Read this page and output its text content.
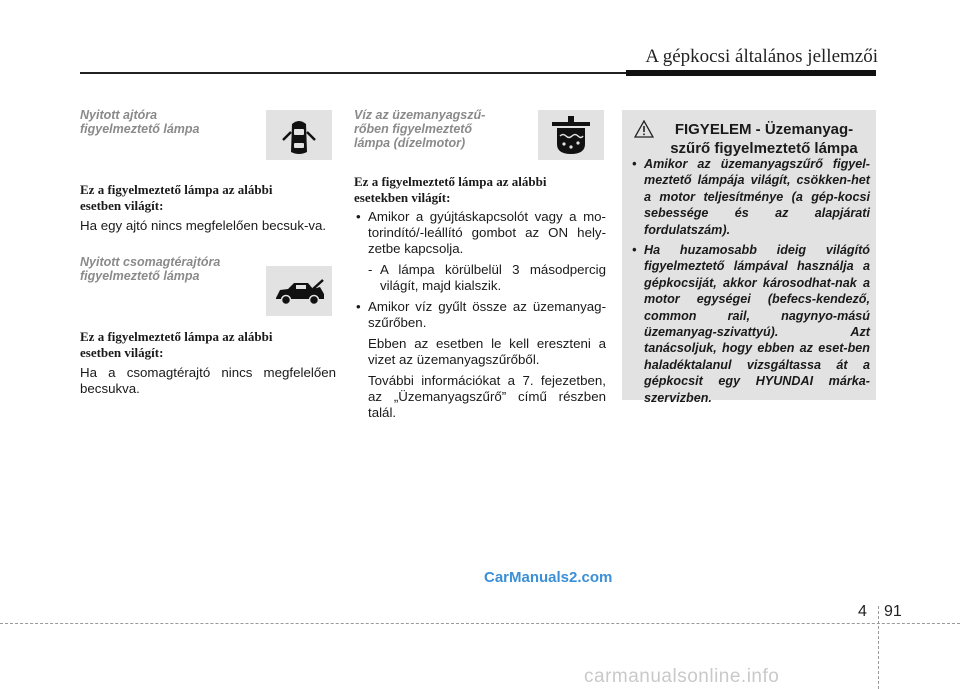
A gépkocsi általános jellemzői
Nyitott ajtóra
figyelmeztető lámpa
Ez a figyelmeztető lámpa az alábbi
esetben világít:
Ha egy ajtó nincs megfelelően becsuk-va.
Nyitott csomagtérajtóra
figyelmeztető lámpa
Ez a figyelmeztető lámpa az alábbi
esetben világít:
Ha a csomagtérajtó nincs megfelelően becsukva.
Víz az üzemanyagszű-
rőben figyelmeztető
lámpa (dízelmotor)
Ez a figyelmeztető lámpa az alábbi
esetekben világít:
• Amikor a gyújtáskapcsolót vagy a mo-torindító/-leállító gombot az ON hely-zetbe kapcsolja.
- A lámpa körülbelül 3 másodpercig világít, majd kialszik.
• Amikor víz gyűlt össze az üzemanyag-szűrőben.
Ebben az esetben le kell ereszteni a vizet az üzemanyagszűrőből.
További információkat a 7. fejezetben, az „Üzemanyagszűrő” című részben talál.
FIGYELEM - Üzemanyag-
szűrő figyelmeztető lámpa
• Amikor az üzemanyagszűrő figyel-meztető lámpája világít, csökken-het a motor teljesítménye (a gép-kocsi sebessége és az alapjárati fordulatszám).
• Ha huzamosabb ideig világító figyelmeztető lámpával használja a gépkocsiját, akkor károsodhat-nak a motor egységei (befecs-kendező, common rail, nagynyo-mású üzemanyag-szivattyú). Azt tanácsoljuk, hogy ebben az eset-ben haladéktalanul vizsgáltassa át a gépkocsit egy HYUNDAI márka-szervizben.
CarManuals2.com
4 91
carmanualsonline.info
